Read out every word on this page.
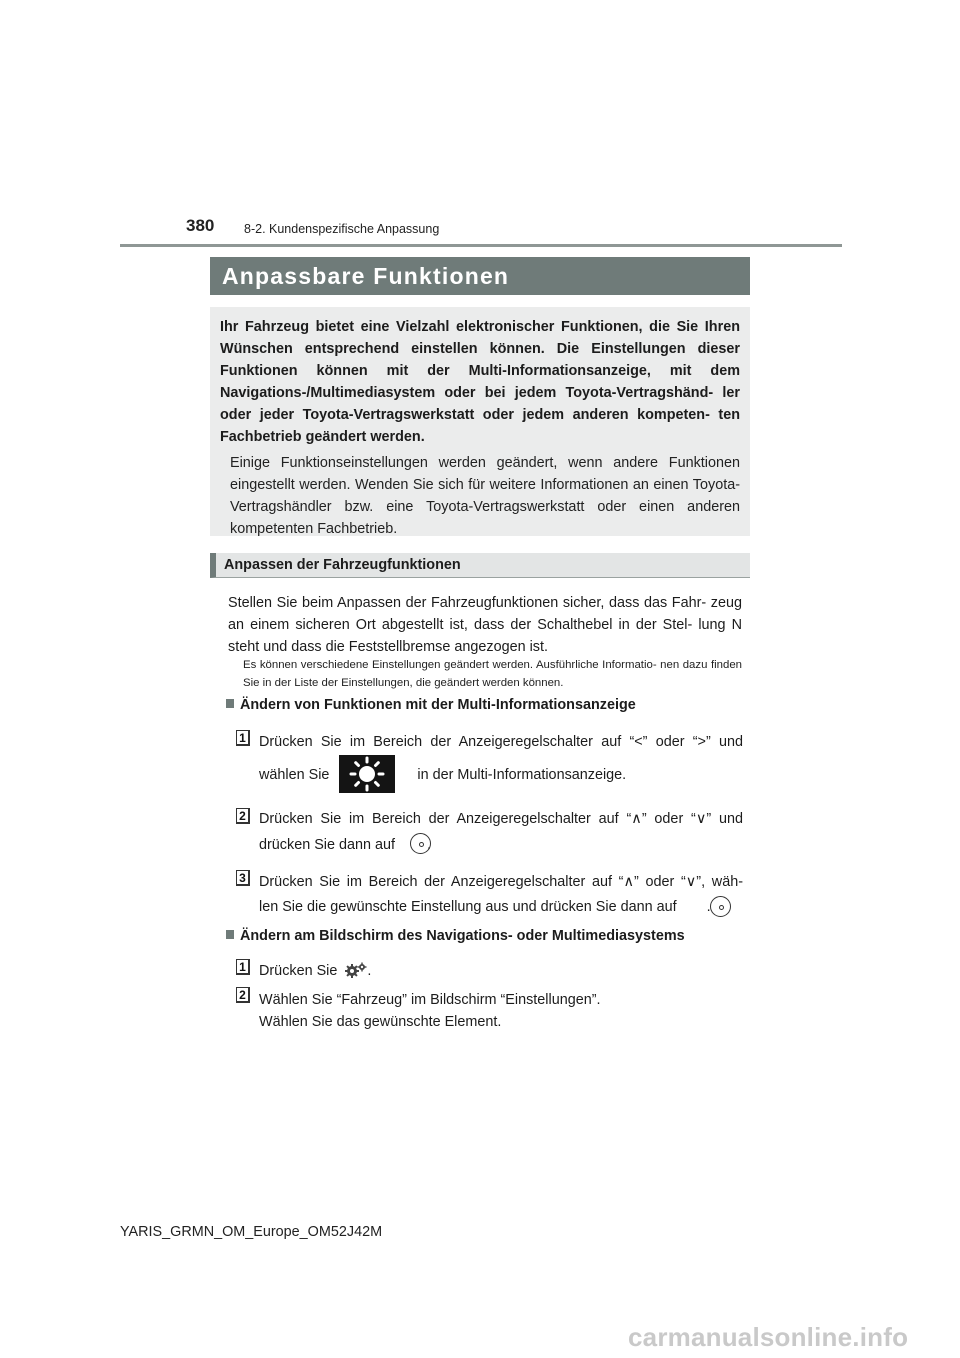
380 8-2. Kundenspezifische Anpassung
Anpassbare Funktionen
Ihr Fahrzeug bietet eine Vielzahl elektronischer Funktionen, die Sie Ihren Wünschen entsprechend einstellen können. Die Einstellungen dieser Funktionen können mit der Multi-Informationsanzeige, mit dem Navigations-/Multimediasystem oder bei jedem Toyota-Vertragshänd- ler oder jeder Toyota-Vertragswerkstatt oder jedem anderen kompeten- ten Fachbetrieb geändert werden.
Einige Funktionseinstellungen werden geändert, wenn andere Funktionen eingestellt werden. Wenden Sie sich für weitere Informationen an einen Toyota-Vertragshändler bzw. eine Toyota-Vertragswerkstatt oder einen anderen kompetenten Fachbetrieb.
Anpassen der Fahrzeugfunktionen
Stellen Sie beim Anpassen der Fahrzeugfunktionen sicher, dass das Fahr- zeug an einem sicheren Ort abgestellt ist, dass der Schalthebel in der Stel- lung N steht und dass die Feststellbremse angezogen ist.
Es können verschiedene Einstellungen geändert werden. Ausführliche Informatio- nen dazu finden Sie in der Liste der Einstellungen, die geändert werden können.
Ändern von Funktionen mit der Multi-Informationsanzeige
1 Drücken Sie im Bereich der Anzeigeregelschalter auf “<” oder “>” und
wählen Sie	in der Multi-Informationsanzeige.
2 Drücken Sie im Bereich der Anzeigeregelschalter auf “∧” oder “∨” und
drücken Sie dann auf .
3 Drücken Sie im Bereich der Anzeigeregelschalter auf “∧” oder “∨”, wäh-
len Sie die gewünschte Einstellung aus und drücken Sie dann auf .
Ändern am Bildschirm des Navigations- oder Multimediasystems
1 Drücken Sie .
2 Wählen Sie “Fahrzeug” im Bildschirm “Einstellungen”.
Wählen Sie das gewünschte Element.
YARIS_GRMN_OM_Europe_OM52J42M
carmanualsonline.info
